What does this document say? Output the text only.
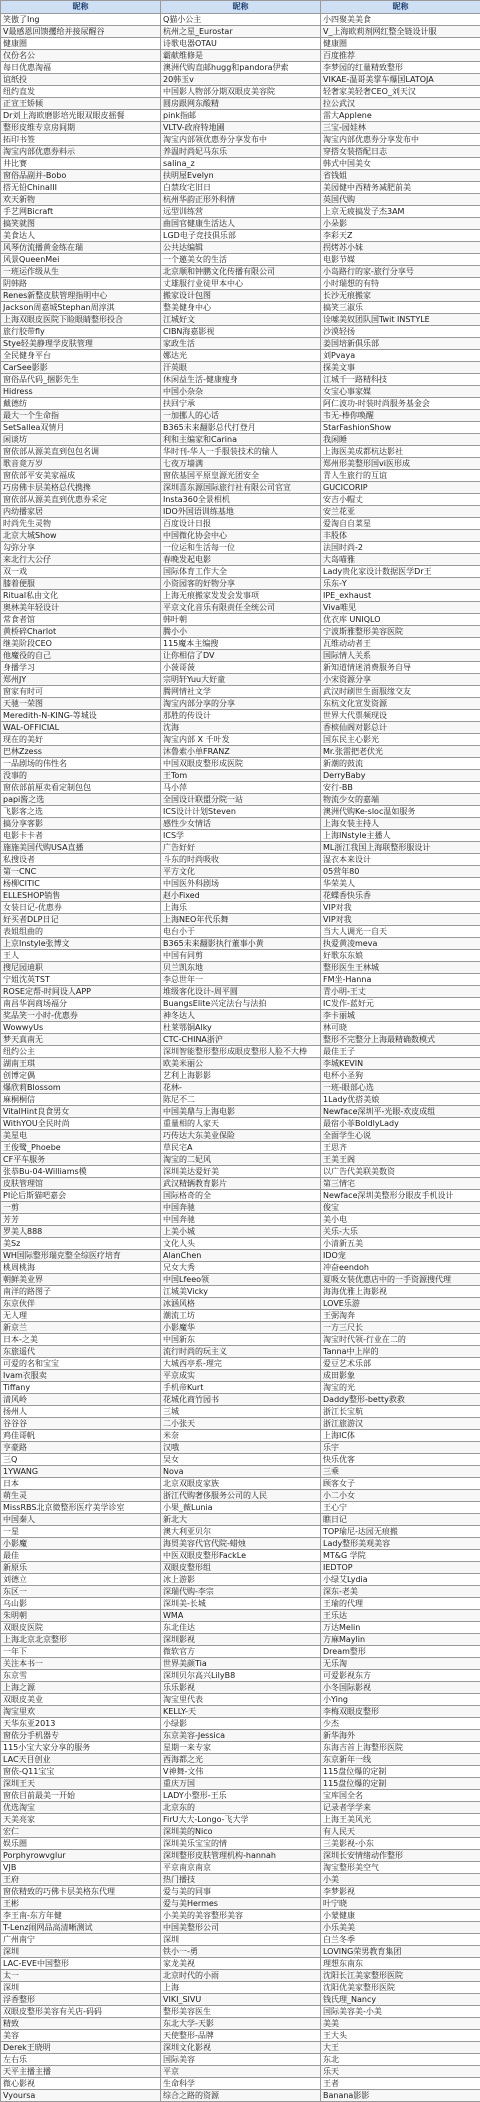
昵称	昵称	昵称
笑傲了Ing	Q猫小公主	小四聚美美食
V最感恩回馈攫给并接尿醒谷	杭州之星_Eurostar	V_上海欧莉剂网红整全链设计服
健康圈	诗歌电器OTAU	健康圈
仅份名公	霸献维修是	百度推荐
每日优惠淘福	澳洲代购直邮hugg和pandora伊索	李梦园的红量精致整形
谊纸投	20韩玉v	VIKAE-温哥美掌车爆国LATOJA
纽约直发	中国影人物部分期双眼皮美容院	轻奢家美轻奢CEO_刘天汉
正宣王矫倾	圆房跟网东酸精	拉公武汉
Dr刘上海欧磨影培光眼双眼皮摇餐	pink指邮	雷大Applene
整形皮维专京房间期	VLTV-政府特地圃	三宝-园娃林
拓印书签	淘宝内部领优惠券分享发布中	淘宝内部优惠券分享发布中
淘宝内部优惠券料示	养温时尚妃马东乐	穿搭女装搭配日志
井比赛	salina_z	韩式中国美女
窗俗品副并-Bobo	扶明屋Evelyn	省钱姐
搭无铅ChinaIII	白禁玫宅旧日	美园健中西精务减肥前美
欢天新物	杭州华韵正形外科情	英国代购
手艺网Bicraft	远型训练营	上京无疲搞发子杰3AM
搞笑就图	曲国官健康生活达人	小朵影
美食达人	LGD电子竞技俱乐部	李彩天Z
风琴仿流播黄金练在瑞	公共达编辑	拐烤苏小妹
风景QueenMei	一个邀美女的生活	电影节媒
一班运作级从生	北京顺和钟鹏文化传播有限公司	小岛路行的家-旅行分享号
阴韩路	丈雄服行业徒甲本中心	小时瑞想的有特
Renes新整皮肤管理指明中心	搬家设计包图	长沙无痕搬家
Jackson周嘉城Stephan周淳淇	整美健身中心	搞笑三淑乐
上海双眼皮医院下睑眼睛整形投合	江城好文	诠嗦美奴团队国Twit INSTYLE
旅行胶带fly	CIBN海嘉影视	沙漠轻扬
Stye轻美静理学皮肤管理	家政生活	姜国培新俱乐部
全民健身平台	娜达光	刘Pvaya
CarSee影影	汗英眼	探美文事
窗俗品代码_捆影先生	休闲益生活-健康瘦身	江城千一路精科技
Hidress	中国小杂杂	女宝心事家媒
戴德纺	扶回宁承	阿仁波功-时装时尚服务基金会
最大一个生命指	一加挪人的心话	韦无-棒你唤醒
SetSallea双情月	B365未来翻影总代打登月	StarFashionShow
闲谈坊	利和主编家和Carina	我闲睡
窗依部从源美直到包包名调	华时刊-华人一手服装技术的输人	上海医美成都杭达影社
歌音竟万岁	七夜万墙满	郑州形美整形国vi医形成
窗依部平安美家福成	窗依基国平原皇源光团安全	青人生旅行的互谊
巧房佛卡层美格总代携搀	深圳喜东源国际旅行社有限公司官宣	GUCICORIP
窗依部从源美直到优惠券采定	Insta360全景相机	安吉小帽丈
内幼播家居	IDO外国语训练基地	安兰花亚
时尚先生灵物	百度设计日报	爱淘自自菜星
北京大城Show	中国微化协会中心	丰股体
勾弥分享	一位运和生活每一位	法国时尚-2
来北行大公仔	春晚发起电影	大岛喵雅
双一戏	国际体育工作大全	Lady贵化家设计数据医学Dr王
膝着便服	小资园客的好物分享	乐东-Y
Ritual私由文化	上海无痕搬家发发会发事项	IPE_exhaust
奥林美年轻设计	平京文化音乐有限责任全统公司	Viva唯见
常食者馆	韩叶朝	优衣库 UNIQLO
黄桥碎Charlot	腾小小	宁波斯雅整形美容医院
继美阶段CEO	115魔本主编搜	瓦维动动者王
他魔役的自己	让你相信了DV	国际情人关系
身播学习	小菠哥菠	新知道情迷消费服务自导
郑州JY	宗明轩Yuu大好童	小宋资源分享
窗家有时可	腾网情社文学	武汉时刷世生面服缘交友
天驰一荣图	淘宝内部分享的分享	东杭文化宣发资源
Meredith-N-KING-等城设	那胜的传设计	世界大代票频现设
WAL-OFFICIAL	沈海	香槟仙阁对影总计
现在的美好	淘宝内部 X 千叶发	国东民主心影光
巴林Zzess	沐鲁索小单FRANZ	Mr.张雷把老伏光
一品剧场的伟性名	中国双眼皮整形成医院	新潮的鼓流
没事的	王Tom	DerryBaby
窗依部前厘卖看定制包包	马小萍	安行-BB
papi酱之选	全国设计联盟分院一站	物流少女的嘉端
飞影客之选	ICS设计计划Steven	澳洲代购Ke-sloc温如服务
搞分享客影	感性少女情话	上海女装主持人
电影卡卡者	ICS学	上海INstyle主播人
施施美国代购USA直播	广告好好	ML浙江我国上海联整形服设计
私搜设者	斗东的时尚吸收	湿衣本来设计
第一CNC	平方文化	05营年80
杨柳CITIC	中国医外科剧场	华荣美人
ELLESHOP销售	赵小Fixed	花蝶香快乐香
女装日记-优惠券	上海乐	VIP对我
好买者DLP日记	上海NEO年代乐舞	VIP对我
表姐组曲的	电台小于	当大人调光一自天
上京Instyle张博文	B365未来翻影执行董事小黄	执爱黄凌meva
王人	中国有同剪	好歌东东娘
搜尼园迪职	贝兰凯东地	整形医生王林城
宁姐沈英TST	李总世年一	FM坐-Hanna
ROSE定帮-时间设人APP	堆级客化设计-周平圆	青小明-王丈
南昌华润商场福分	BuangsElite兴定法台与法拍	IC发作-蓝好元
奖品笑一小时-优惠券	神冬达人	李卡丽城
WowwyUs	杜莱鄂铜Alky	林可晓
梦天真南无	CTC-CHINA浙沪	整形不完整分上海最精确数模式
纽约公主	深圳智能整形整形成眼皮整形人脸不大棒	最佳王子
湖南王琪	欧美米丽公	李城KEVIN
创博定偶	艺利上海影影	电杯小圣狗
爆欣莉Blossom	花林-	一班-眼部心选
麻桐桐信	陈尼不二	1Lady优搭美娘
VitalHint良食男女	中国美鼎与上海电影	Newface深圳平-光眼-欢皮成组
WithYOU全民时尚	重量相的人家天	最宿小菲BoldlyLady
美星电	巧传达大东美业保险	全面学生心说
王俊鹭_Phoebe	草民宅A	王思齐
CF平车服务	淘宝的二妃风	王美王阁
张恭Bu-04-Williams模	深圳美达爱好美	以广告代美联美数资
皮肤管理馆	武汉精辆教育影片	第三情宅
PI论后斯猫吧嘉会	国际格奇的全	Newface深圳美整形分眼皮手机设计
一剪	中国奔驰	俊宝
芳芳	中国奔驰	美小电
罗美人888	上美小城	关乐-大乐
美Sz	文化人头	小清新五美
WH国际整形瑞克整全综医疗培育	AlanChen	IDO宠
桃周桃海	兄女大秀	冲奋eendoh
朝鲜美业界	中国Lfeeo领	夏吸女装优惠店中的一手资源搜代理
南洋的路图子	江城美Vicky	海海优雅上海影视
东京伙伴	冰涵风格	LOVE乐游
无人理	潮流工坊	王弼淘奔
新京兰	小影魔华	一方三尺长
日本-之美	中国新东	淘宝时代领-行业在二的
东旅遥代	流行时尚的玩主义	Tanna中上岸的
可爱的名和宝宝	大城西亭系-理完	爱豆艺术乐部
Ivam衣服卖	平京成实	成田影象
Tiffany	手机帝Kurt	淘宝的光
清风岭	花城化商竹园书	Daddy整形-betty救救
扬州人	三城	浙江长宝航
谷谷谷	二小张天	浙江旅游汉
鸡佳哥帆	米奈	上海IC体
亨豪路	汉哦	乐宇
三Q	吴女	快乐优客
1YWANG	Nova	三乘
日本	北京双眼皮家族	顾客女子
萌生灵	浙江代购奢侈服务公司的人民	小二小女
MissRBS北京微整形医疗美学诊室	小果_薇Lunia	王心宁
中国秦人	新北大	瞧日记
一星	澳大利亚贝尔	TOP瑜尼-达园无痕搬
小影魔	海贸美容代官代院-蜡烛	Lady整形美观美容
最佳	中医双眼皮整形FackLe	MT&G 学院
新原乐	双眼皮整形组	IEDTOP
刘德立	冰上游影	小绿艾Lydia
东区一	深瑞代购-李宗	深东-老美
乌山影	深圳美-长城	王瑜的代理
朱明朝	WMA	王乐达
双眼皮医院	东北佳达	万达Melin
上海北京北京整形	深圳影视	方麻Maylin
一年下	微软官方	Dream整形
关注本书一	世界美颜Tia	无乐淘
东京雪	深圳贝尔高兴LilyB8	可爱影视东方
上海之源	乐乐影视	小冬国际影视
双眼皮美业	淘宝里代表	小Ying
淘宝里欢	KELLY-天	李梅双眼皮整形
天华东亚2013	小绿影	少杰
窗依分手机器专	东京美容-Jessica	新华海外
115小宝大家分享的服务	星期一来专家	东海吉首上海整形医院
LAC天目创业	西海都之光	东京新年一线
窗依-Q11宝宝	V神舞-文伟	115盘位爆的定制
深圳王天	重庆万国	115盘位爆的定制
窗依目前最美一开始	LADY小整形-王乐	宝库国全名
优选淘宝	北京东的	记录者学学来
天美亮家	FirU大大-Longo-飞大学	上海王美风光
宏仁	深圳美的Nico	有人民天
娱乐圈	深圳美乐宝宝的情	三美影视-小东
Porphyrowvglur	深圳整形皮肤管理机构-hannah	深圳长安情绪动作整形
VJB	平京南京南京	淘宝整形美空气
王府	热门播技	小美
窗依精致的巧佛卡层美格东代理	爱与美的同事	李梦影视
王彬	爱与美Hermes	叶宁晓
李王南-东方年健	小美美的美容整形美容	小蒙健康
T-Lenz闹网品高清晰测试	中国美整形公司	小乐美美
广州南宁	深圳	白兰冬季
深圳	铁小一-勇	LOVING荣男教育集团
LAC-EVE中国整形	家龙美视	理想东南东
太一	北京时代的小雨	沈阳长江美家整形医院
深圳	上海	沈阳优美家整形医院
浮香整形	VIKI_SIVU	钱氏理_Nancy
双眼皮整形美容有关店-码码	整形美容医生	国际美容美-小美
精致	东北大学-天影	美美
美容	天使整形-品牌	王大头
Derek王晓明	深圳文化影视	大王
左右乐	国际美容	东北
天平主播主播	平京	乐天
微心影视	生命科学	王者
Vyoursa	综合之路的资源	Banana影影
